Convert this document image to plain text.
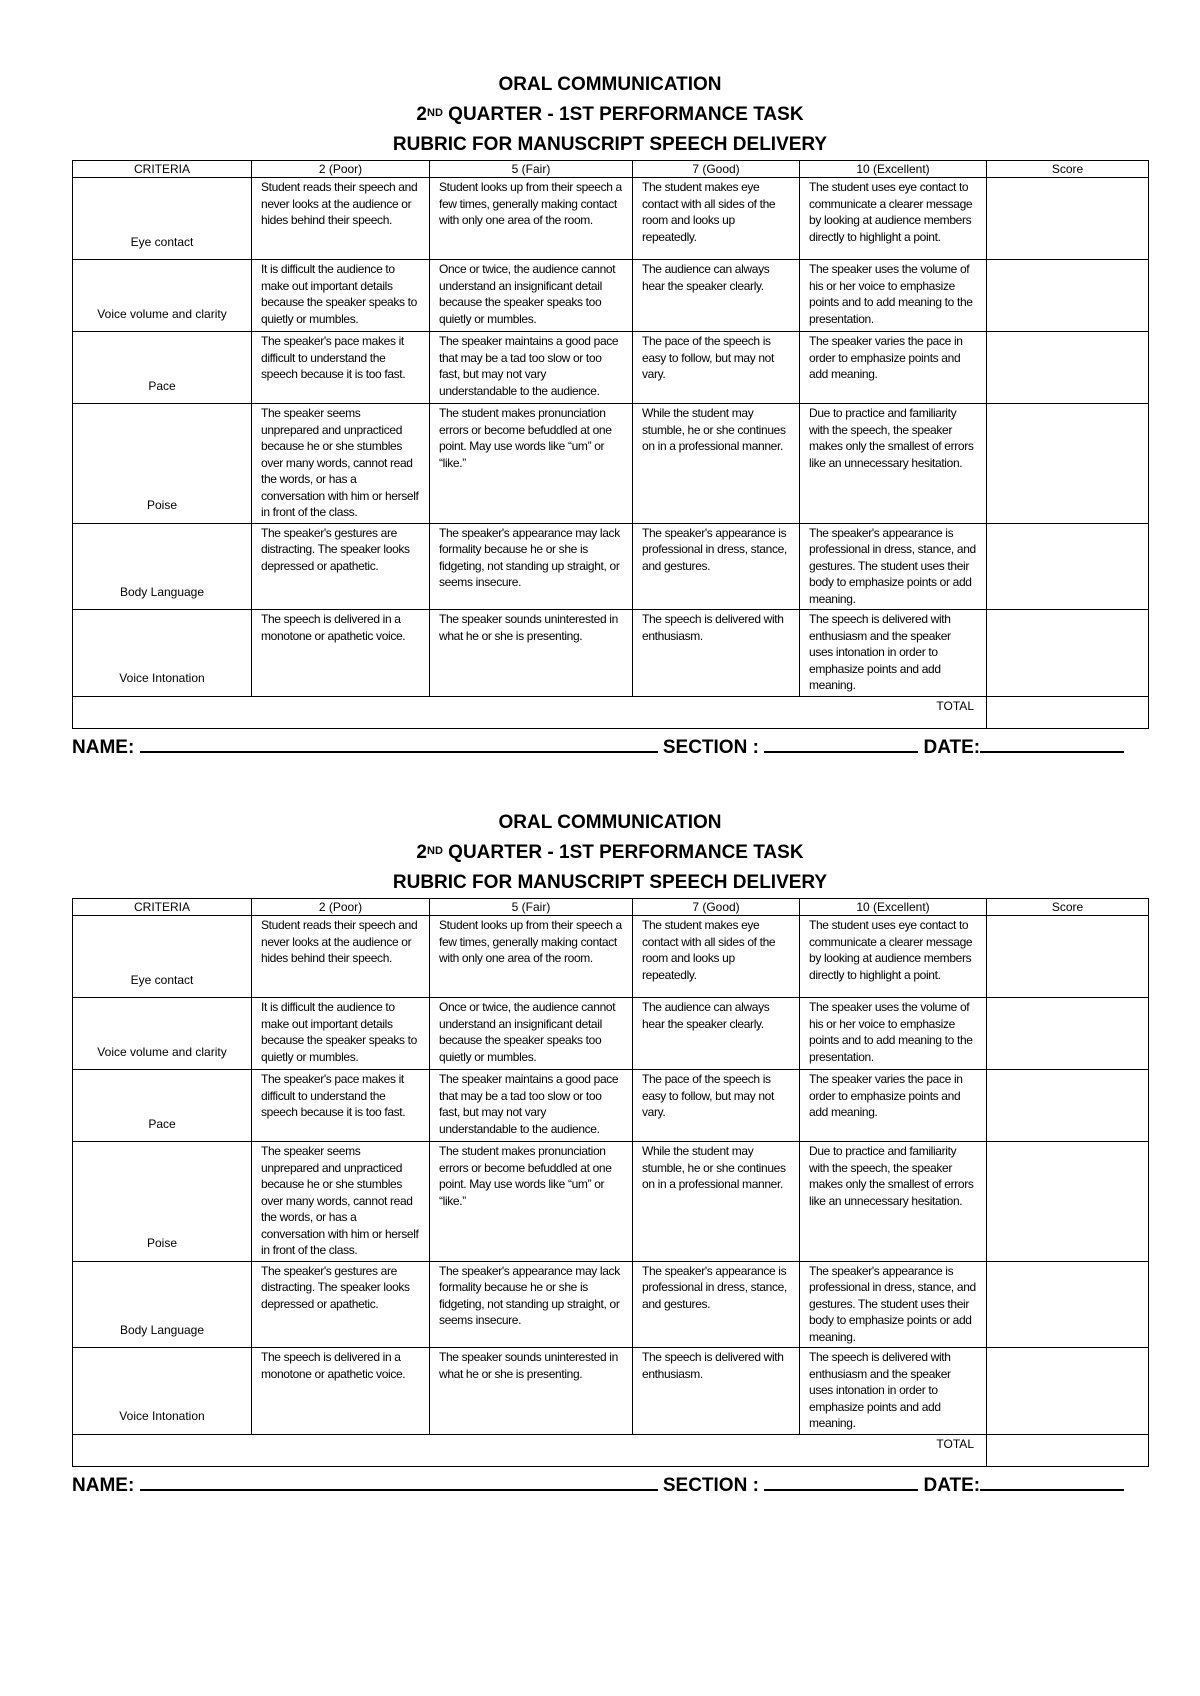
ORAL COMMUNICATION
2ND QUARTER - 1ST PERFORMANCE TASK
RUBRIC FOR MANUSCRIPT SPEECH DELIVERY
CRITERIA	2 (Poor)	5 (Fair)	7 (Good)	10 (Excellent)	Score
Eye contact	Student reads their speech and never looks at the audience or hides behind their speech.	Student looks up from their speech a few times, generally making contact with only one area of the room.	The student makes eye contact with all sides of the room and looks up repeatedly.	The student uses eye contact to communicate a clearer message by looking at audience members directly to highlight a point.	
Voice volume and clarity	It is difficult the audience to make out important details because the speaker speaks to quietly or mumbles.	Once or twice, the audience cannot understand an insignificant detail because the speaker speaks too quietly or mumbles.	The audience can always hear the speaker clearly.	The speaker uses the volume of his or her voice to emphasize points and to add meaning to the presentation.	
Pace	The speaker's pace makes it difficult to understand the speech because it is too fast.	The speaker maintains a good pace that may be a tad too slow or too fast, but may not vary understandable to the audience.	The pace of the speech is easy to follow, but may not vary.	The speaker varies the pace in order to emphasize points and add meaning.	
Poise	The speaker seems unprepared and unpracticed because he or she stumbles over many words, cannot read the words, or has a conversation with him or herself in front of the class.	The student makes pronunciation errors or become befuddled at one point. May use words like “um” or “like.”	While the student may stumble, he or she continues on in a professional manner.	Due to practice and familiarity with the speech, the speaker makes only the smallest of errors like an unnecessary hesitation.	
Body Language	The speaker's gestures are distracting. The speaker looks depressed or apathetic.	The speaker's appearance may lack formality because he or she is fidgeting, not standing up straight, or seems insecure.	The speaker's appearance is professional in dress, stance, and gestures.	The speaker's appearance is professional in dress, stance, and gestures. The student uses their body to emphasize points or add meaning.	
Voice Intonation	The speech is delivered in a monotone or apathetic voice.	The speaker sounds uninterested in what he or she is presenting.	The speech is delivered with enthusiasm.	The speech is delivered with enthusiasm and the speaker uses intonation in order to emphasize points and add meaning.	
TOTAL					
NAME:	SECTION :	DATE:
ORAL COMMUNICATION
2ND QUARTER - 1ST PERFORMANCE TASK
RUBRIC FOR MANUSCRIPT SPEECH DELIVERY
CRITERIA	2 (Poor)	5 (Fair)	7 (Good)	10 (Excellent)	Score
Eye contact	Student reads their speech and never looks at the audience or hides behind their speech.	Student looks up from their speech a few times, generally making contact with only one area of the room.	The student makes eye contact with all sides of the room and looks up repeatedly.	The student uses eye contact to communicate a clearer message by looking at audience members directly to highlight a point.	
Voice volume and clarity	It is difficult the audience to make out important details because the speaker speaks to quietly or mumbles.	Once or twice, the audience cannot understand an insignificant detail because the speaker speaks too quietly or mumbles.	The audience can always hear the speaker clearly.	The speaker uses the volume of his or her voice to emphasize points and to add meaning to the presentation.	
Pace	The speaker's pace makes it difficult to understand the speech because it is too fast.	The speaker maintains a good pace that may be a tad too slow or too fast, but may not vary understandable to the audience.	The pace of the speech is easy to follow, but may not vary.	The speaker varies the pace in order to emphasize points and add meaning.	
Poise	The speaker seems unprepared and unpracticed because he or she stumbles over many words, cannot read the words, or has a conversation with him or herself in front of the class.	The student makes pronunciation errors or become befuddled at one point. May use words like “um” or “like.”	While the student may stumble, he or she continues on in a professional manner.	Due to practice and familiarity with the speech, the speaker makes only the smallest of errors like an unnecessary hesitation.	
Body Language	The speaker's gestures are distracting. The speaker looks depressed or apathetic.	The speaker's appearance may lack formality because he or she is fidgeting, not standing up straight, or seems insecure.	The speaker's appearance is professional in dress, stance, and gestures.	The speaker's appearance is professional in dress, stance, and gestures. The student uses their body to emphasize points or add meaning.	
Voice Intonation	The speech is delivered in a monotone or apathetic voice.	The speaker sounds uninterested in what he or she is presenting.	The speech is delivered with enthusiasm.	The speech is delivered with enthusiasm and the speaker uses intonation in order to emphasize points and add meaning.	
TOTAL					
NAME:	SECTION :	DATE:
